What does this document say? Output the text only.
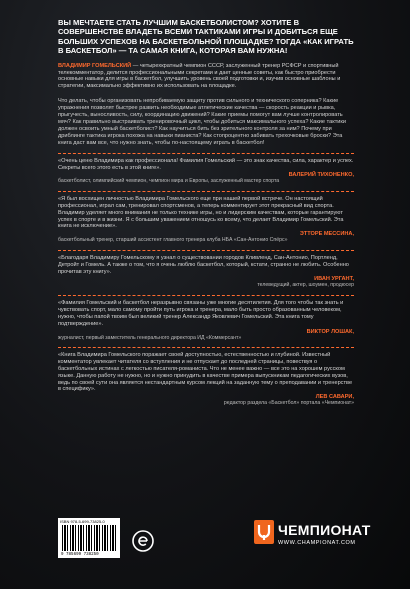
ВЫ МЕЧТАЕТЕ СТАТЬ ЛУЧШИМ БАСКЕТБОЛИСТОМ? ХОТИТЕ В СОВЕРШЕНСТВЕ ВЛАДЕТЬ ВСЕМИ ТАКТИКАМИ ИГРЫ И ДОБИТЬСЯ ЕЩЕ БОЛЬШИХ УСПЕХОВ НА БАСКЕТБОЛЬНОЙ ПЛОЩАДКЕ? ТОГДА «КАК ИГРАТЬ В БАСКЕТБОЛ» — ТА САМАЯ КНИГА, КОТОРАЯ ВАМ НУЖНА!

ВЛАДИМИР ГОМЕЛЬСКИЙ — четырехкратный чемпион СССР, заслуженный тренер РСФСР и спортивный телекомментатор, делится профессиональными секретами и дает ценные советы, как быстро приобрести основные навыки для игры в баскетбол, улучшить уровень своей подготовки и, изучив основные шаблоны и стратегии, максимально эффективно их использовать на площадке.

Что делать, чтобы организовать непробиваемую защиту против сильного и технического соперника? Какие упражнения позволят быстрее развить необходимые атлетические качества — скорость реакции и рывка, прыгучесть, выносливость, силу, координацию движений? Какие приемы помогут вам лучше контролировать мяч? Как правильно выстраивать тренировочный цикл, чтобы добиться максимального успеха? Какие тактики должен освоить умный баскетболист? Как научиться бить без зрительного контроля за ним? Почему при дриблинге тактика игрока похожа на навыки пианиста? Как стопроцентно забивать трехочковые броски? Эта книга даст вам все, что нужно знать, чтобы по-настоящему играть в баскетбол!

«Очень ценю Владимира как профессионала! Фамилия Гомельский — это знак качества, сила, характер и успех. Секреты всего этого есть в этой книге».

ВАЛЕРИЙ ТИХОНЕНКО,

баскетболист, олимпийский чемпион, чемпион мира и Европы, заслуженный мастер спорта

«Я был восхищен личностью Владимира Гомельского еще при нашей первой встрече. Он настоящий профессионал, играл сам, тренировал спортсменов, а теперь комментирует этот прекрасный вид спорта. Владимир уделяет много внимания не только технике игры, но и лидерским качествам, которые гарантируют успех в спорте и в жизни. Я с большим уважением отношусь ко всему, что делает Владимир Гомельский. Эта книга не исключение».

ЭТТОРЕ МЕССИНА,

баскетбольный тренер, старший ассистент главного тренера клуба НБА «Сан-Антонио Спёрс»

«Благодаря Владимиру Гомельскому я узнал о существовании городов Кливленд, Сан-Антонио, Портленд, Детройт и Гомель. А также о том, что я очень люблю баскетбол, который, кстати, странно не любить. Особенно прочитав эту книгу».

ИВАН УРГАНТ,

телеведущий, актер, шоумен, продюсер

«Фамилия Гомельский и баскетбол неразрывно связаны уже многие десятилетия. Для того чтобы так знать и чувствовать спорт, мало самому пройти путь игрока и тренера, мало быть просто образованным человеком, нужно, чтобы папой твоим был великий тренер Александр Яковлевич Гомельский. Эта книга тому подтверждение».

ВИКТОР ЛОШАК,

журналист, первый заместитель генерального директора ИД «Коммерсант»

«Книга Владимира Гомельского поражает своей доступностью, естественностью и глубиной. Известный комментатор увлекает читателя со вступления и не отпускает до последней страницы, повествуя о баскетбольных истинах с легкостью писателя-романиста. Что не менее важно — все это на хорошем русском языке. Данную работу не нужно, но и нужно принудить в качестве примера выпускникам педагогических вузов, ведь по своей сути она является нестандартным курсом лекций на заданную тему о преподавании и тренерстве в специфику».

ЛЕВ САВАРИ,

редактор раздела «Баскетбол» портала «Чемпионат»

ISBN 978-5-699-73825-0
9 785699 738250
ЧЕМПИОНАТ
WWW.CHAMPIONAT.COM
